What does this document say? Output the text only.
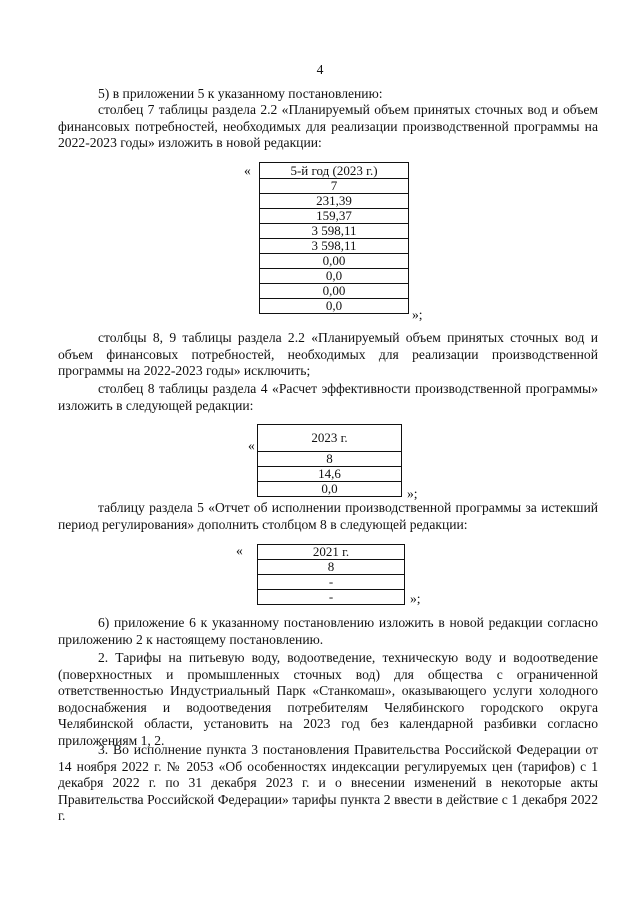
4
5) в приложении 5 к указанному постановлению:
столбец 7 таблицы раздела 2.2 «Планируемый объем принятых сточных вод и объем финансовых потребностей, необходимых для реализации производственной программы на 2022-2023 годы» изложить в новой редакции:
«	5-й год (2023 г.)
7
231,39
159,37
3 598,11
3 598,11
0,00
0,0
0,00
0,0
»;
столбцы 8, 9 таблицы раздела 2.2 «Планируемый объем принятых сточных вод и объем финансовых потребностей, необходимых для реализации производственной программы на 2022-2023 годы» исключить;
столбец 8 таблицы раздела 4 «Расчет эффективности производственной программы» изложить в следующей редакции:
«
2023 г.
8
14,6
0,0	»;
таблицу раздела 5 «Отчет об исполнении производственной программы за истекший период регулирования» дополнить столбцом 8 в следующей редакции:
«	2021 г.
8
-
-	»;
6) приложение 6 к указанному постановлению изложить в новой редакции согласно приложению 2 к настоящему постановлению.
2. Тарифы на питьевую воду, водоотведение, техническую воду и водоотведение (поверхностных и промышленных сточных вод) для общества с ограниченной ответственностью Индустриальный Парк «Станкомаш», оказывающего услуги холодного водоснабжения и водоотведения потребителям Челябинского городского округа Челябинской области, установить на 2023 год без календарной разбивки согласно приложениям 1, 2.
3. Во исполнение пункта 3 постановления Правительства Российской Федерации от 14 ноября 2022 г. № 2053 «Об особенностях индексации регулируемых цен (тарифов) с 1 декабря 2022 г. по 31 декабря 2023 г. и о внесении изменений в некоторые акты Правительства Российской Федерации» тарифы пункта 2 ввести в действие с 1 декабря 2022 г.
